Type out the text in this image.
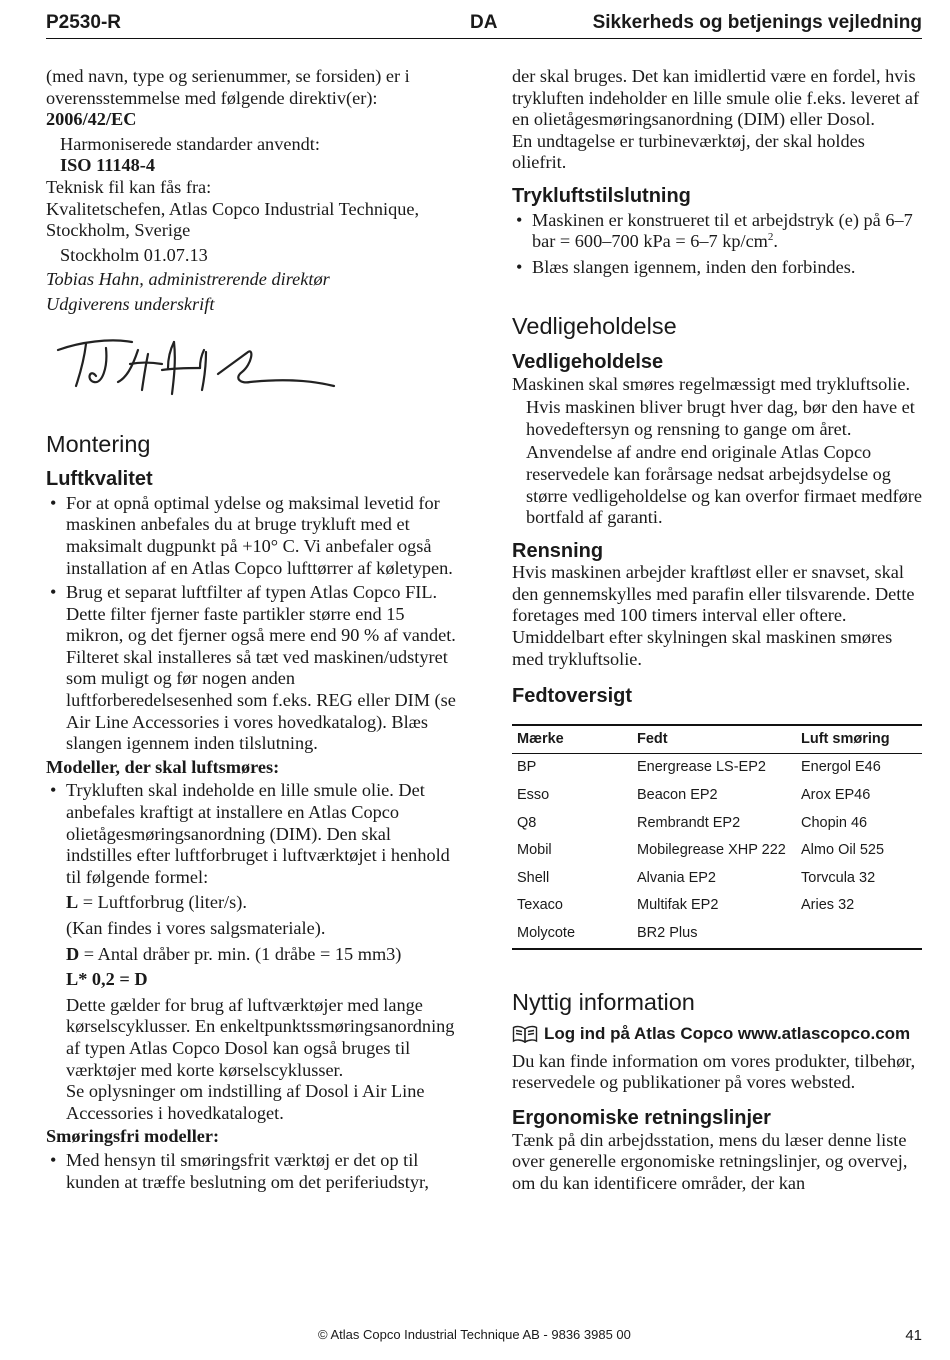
P2530-R	DA	Sikkerheds og betjenings vejledning

(med navn, type og serienummer, se forsiden) er i overensstemmelse med følgende direktiv(er):

2006/42/EC

Harmoniserede standarder anvendt:

ISO 11148-4

Teknisk fil kan fås fra:

Kvalitetschefen, Atlas Copco Industrial Technique, Stockholm, Sverige

Stockholm 01.07.13

Tobias Hahn, administrerende direktør

Udgiverens underskrift

Montering
Luftkvalitet
• For at opnå optimal ydelse og maksimal levetid for maskinen anbefales du at bruge trykluft med et maksimalt dugpunkt på +10° C. Vi anbefaler også installation af en Atlas Copco lufttørrer af køletypen.
• Brug et separat luftfilter af typen Atlas Copco FIL. Dette filter fjerner faste partikler større end 15 mikron, og det fjerner også mere end 90 % af vandet. Filteret skal installeres så tæt ved maskinen/udstyret som muligt og før nogen anden luftforberedelsesenhed som f.eks. REG eller DIM (se Air Line Accessories i vores hovedkatalog). Blæs slangen igennem inden tilslutning.

Modeller, der skal luftsmøres:

• Trykluften skal indeholde en lille smule olie. Det anbefales kraftigt at installere en Atlas Copco olietågesmøringsanordning (DIM). Den skal indstilles efter luftforbruget i luftværktøjet i henhold til følgende formel:
L = Luftforbrug (liter/s).
(Kan findes i vores salgsmateriale).
D = Antal dråber pr. min. (1 dråbe = 15 mm3)
L* 0,2 = D
Dette gælder for brug af luftværktøjer med lange kørselscyklusser. En enkeltpunktssmøringsanordning af typen Atlas Copco Dosol kan også bruges til værktøjer med korte kørselscyklusser.
Se oplysninger om indstilling af Dosol i Air Line Accessories i hovedkataloget.

Smøringsfri modeller:

• Med hensyn til smøringsfrit værktøj er det op til kunden at træffe beslutning om det periferiudstyr,

der skal bruges. Det kan imidlertid være en fordel, hvis trykluften indeholder en lille smule olie f.eks. leveret af en olietågesmøringsanordning (DIM) eller Dosol.

En undtagelse er turbineværktøj, der skal holdes oliefrit.

Trykluftstilslutning
• Maskinen er konstrueret til et arbejdstryk (e) på 6–7 bar = 600–700 kPa = 6–7 $kp/cm^2$.
• Blæs slangen igennem, inden den forbindes.
Vedligeholdelse
Vedligeholdelse

Maskinen skal smøres regelmæssigt med trykluftsolie.

Hvis maskinen bliver brugt hver dag, bør den have et hovedeftersyn og rensning to gange om året.

Anvendelse af andre end originale Atlas Copco reservedele kan forårsage nedsat arbejdsydelse og større vedligeholdelse og kan overfor firmaet medføre bortfald af garanti.

Rensning

Hvis maskinen arbejder kraftløst eller er snavset, skal den gennemskylles med parafin eller tilsvarende. Dette foretages med 100 timers interval eller oftere. Umiddelbart efter skylningen skal maskinen smøres med trykluftsolie.

Fedtoversigt
Mærke	Fedt	Luft smøring
BP	Energrease LS-EP2	Energol E46
Esso	Beacon EP2	Arox EP46
Q8	Rembrandt EP2	Chopin 46
Mobil	Mobilegrease XHP 222	Almo Oil 525
Shell	Alvania EP2	Torvcula 32
Texaco	Multifak EP2	Aries 32
Molycote	BR2 Plus	
Nyttig information
Log ind på Atlas Copco www.atlascopco.com

Du kan finde information om vores produkter, tilbehør, reservedele og publikationer på vores websted.

Ergonomiske retningslinjer

Tænk på din arbejdsstation, mens du læser denne liste over generelle ergonomiske retningslinjer, og overvej, om du kan identificere områder, der kan

© Atlas Copco Industrial Technique AB - 9836 3985 00	41
